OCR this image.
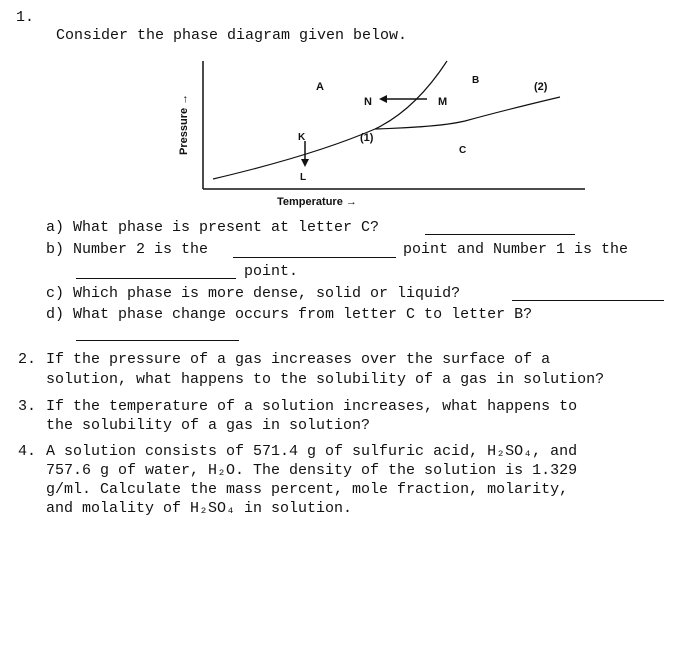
1.
Consider the phase diagram given below.
Pressure →
Temperature →
A
B
(2)
N	M
K	(1)
C
L
a) What phase is present at letter C?
b) Number 2 is the	point and Number 1 is the
point.
c) Which phase is more dense, solid or liquid?
d) What phase change occurs from letter C to letter B?
2. If the pressure of a gas increases over the surface of a
solution, what happens to the solubility of a gas in solution?
3. If the temperature of a solution increases, what happens to
the solubility of a gas in solution?
4. A solution consists of 571.4 g of sulfuric acid, H₂SO₄, and
757.6 g of water, H₂O. The density of the solution is 1.329
g/ml. Calculate the mass percent, mole fraction, molarity,
and molality of H₂SO₄ in solution.
